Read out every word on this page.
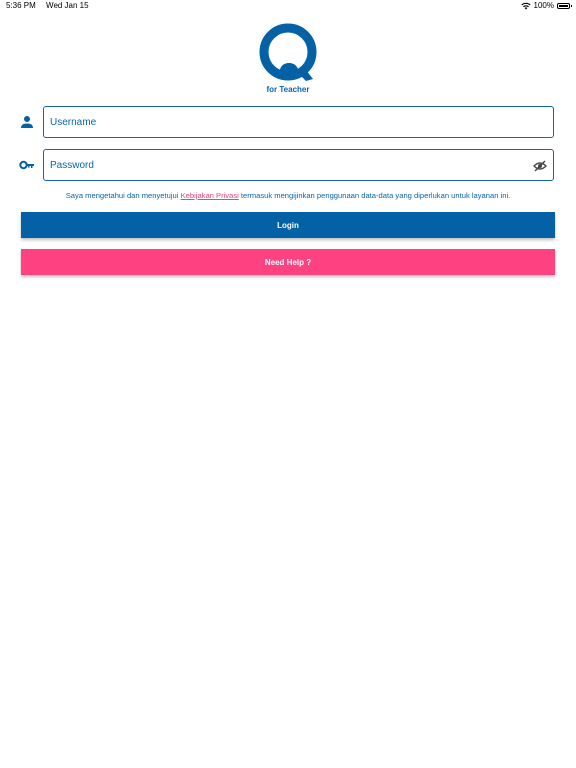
5:36 PM Wed Jan 15	100%
for Teacher
Username
Saya mengetahui dan menyetujui Kebijakan Privasi termasuk mengijinkan penggunaan data-data yang diperlukan untuk layanan ini.
Login
Need Help ?
